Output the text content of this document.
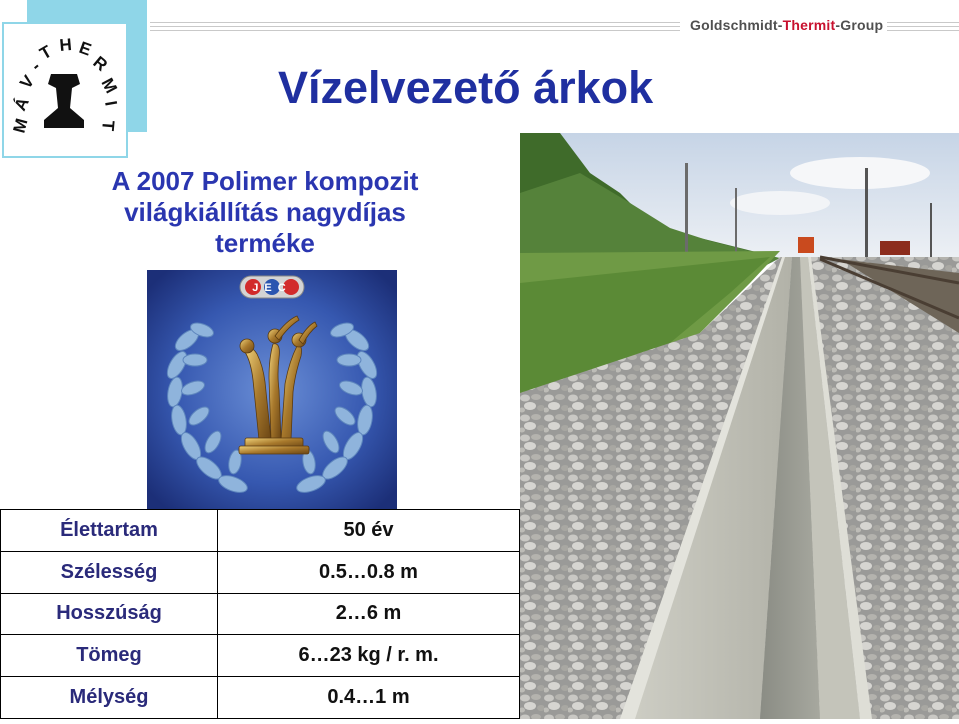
Goldschmidt-Thermit-Group
M
Á
V
-
T H E
R
M
I
T
Vízelvezető árkok
A 2007 Polimer kompozit
világkiállítás nagydíjas
terméke
JEC
Élettartam	50 év
Szélesség	0.5…0.8 m
Hosszúság	2…6 m
Tömeg	6…23 kg / r. m.
Mélység	0.4…1 m
